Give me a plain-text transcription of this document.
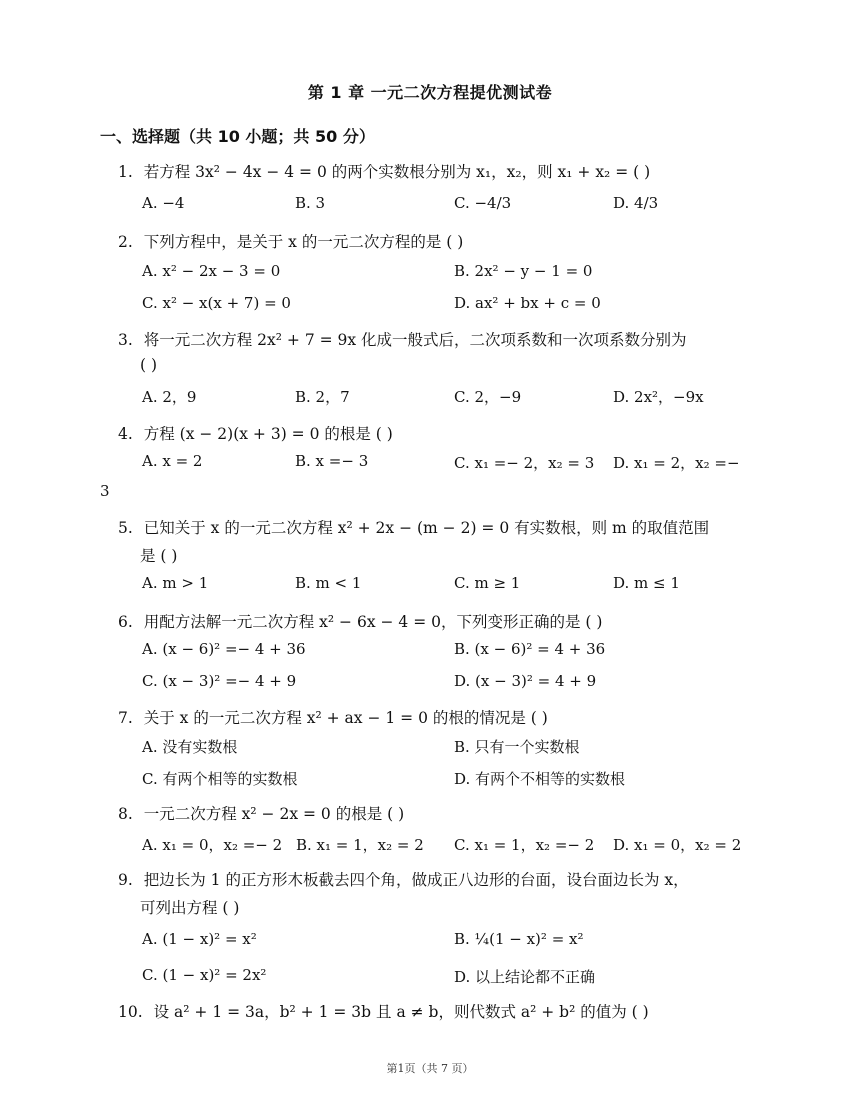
第 1 章 一元二次方程提优测试卷
一、选择题（共 10 小题；共 50 分）
1. 若方程 3x² − 4x − 4 = 0 的两个实数根分别为 x₁，x₂，则 x₁ + x₂ = ( )
A. −4	B. 3	C. −4/3	D. 4/3
2. 下列方程中，是关于 x 的一元二次方程的是 ( )
A. x² − 2x − 3 = 0	B. 2x² − y − 1 = 0
C. x² − x(x + 7) = 0	D. ax² + bx + c = 0
3. 将一元二次方程 2x² + 7 = 9x 化成一般式后，二次项系数和一次项系数分别为
( )
A. 2，9	B. 2，7	C. 2，−9	D. 2x²，−9x
4. 方程 (x − 2)(x + 3) = 0 的根是 ( )
A. x = 2	B. x =− 3	C. x₁ =− 2，x₂ = 3 D. x₁ = 2，x₂ =−
3
5. 已知关于 x 的一元二次方程 x² + 2x − (m − 2) = 0 有实数根，则 m 的取值范围
是 ( )
A. m > 1	B. m < 1	C. m ≥ 1	D. m ≤ 1
6. 用配方法解一元二次方程 x² − 6x − 4 = 0，下列变形正确的是 ( )
A. (x − 6)² =− 4 + 36	B. (x − 6)² = 4 + 36
C. (x − 3)² =− 4 + 9	D. (x − 3)² = 4 + 9
7. 关于 x 的一元二次方程 x² + ax − 1 = 0 的根的情况是 ( )
A. 没有实数根	B. 只有一个实数根
C. 有两个相等的实数根	D. 有两个不相等的实数根
8. 一元二次方程 x² − 2x = 0 的根是 ( )
A. x₁ = 0，x₂ =− 2 B. x₁ = 1，x₂ = 2 C. x₁ = 1，x₂ =− 2 D. x₁ = 0，x₂ = 2
9. 把边长为 1 的正方形木板截去四个角，做成正八边形的台面，设台面边长为 x，
可列出方程 ( )
A. (1 − x)² = x²	B. ¼(1 − x)² = x²
C. (1 − x)² = 2x²	D. 以上结论都不正确
10. 设 a² + 1 = 3a，b² + 1 = 3b 且 a ≠ b，则代数式 a² + b² 的值为 ( )
第1页（共 7 页）
